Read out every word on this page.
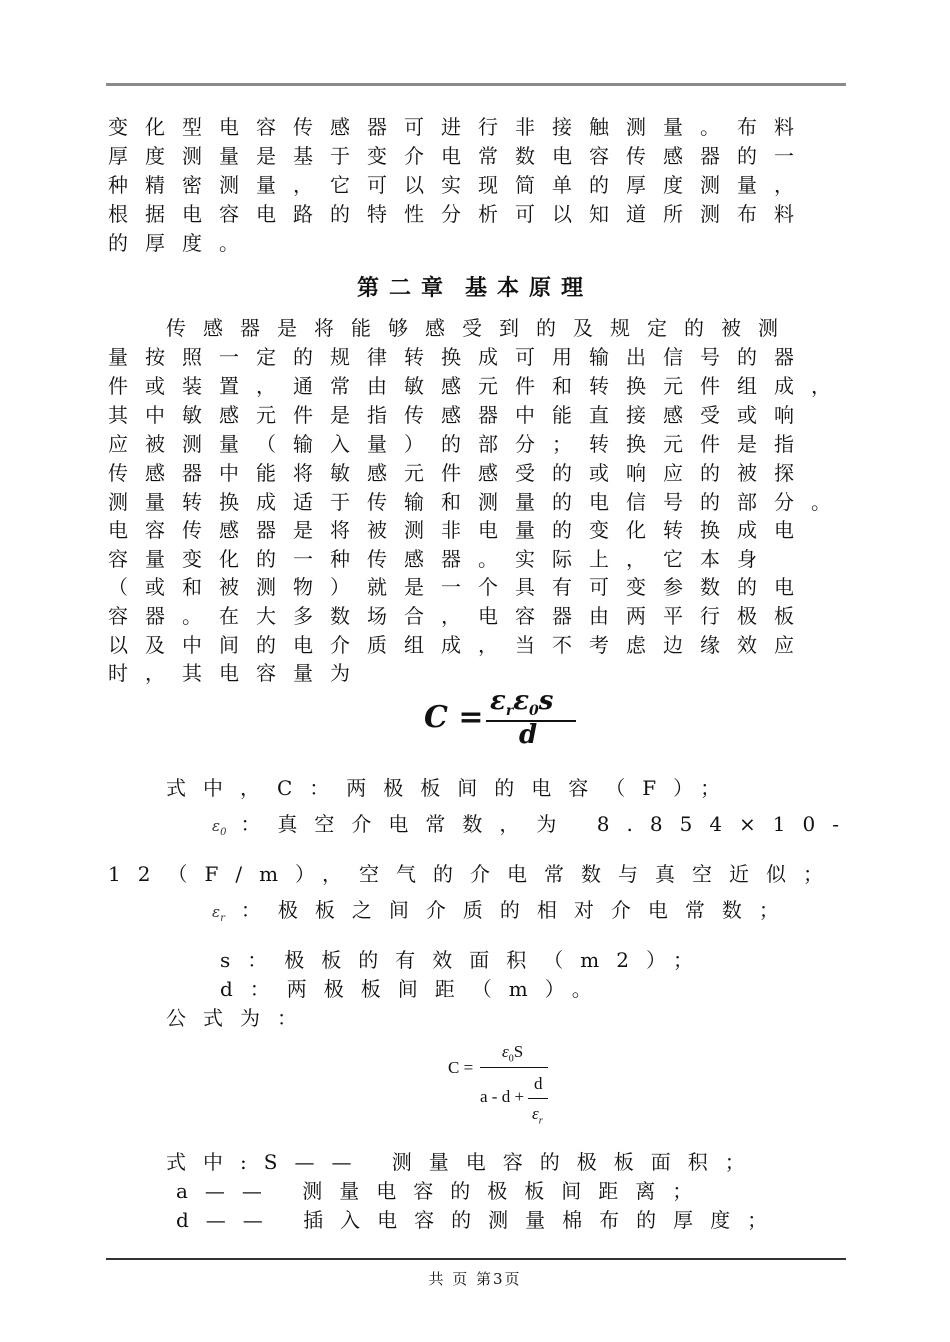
变化型电容传感器可进行非接触测量。布料
厚度测量是基于变介电常数电容传感器的一
种精密测量，它可以实现简单的厚度测量，
根据电容电路的特性分析可以知道所测布料
的厚度。
第二章 基本原理
传感器是将能够感受到的及规定的被测
量按照一定的规律转换成可用输出信号的器
件或装置，通常由敏感元件和转换元件组成，
其中敏感元件是指传感器中能直接感受或响
应被测量（输入量）的部分；转换元件是指
传感器中能将敏感元件感受的或响应的被探
测量转换成适于传输和测量的电信号的部分。
电容传感器是将被测非电量的变化转换成电
容量变化的一种传感器。实际上，它本身
（或和被测物）就是一个具有可变参数的电
容器。在大多数场合，电容器由两平行极板
以及中间的电介质组成，当不考虑边缘效应
时，其电容量为
$C = \varepsilon_r\varepsilon_0s$
d
式中，C：两极板间的电容（F）；
$\varepsilon_0$ ：真空介电常数，为 8.854×10-
12（F/m），空气的介电常数与真空近似；
$\varepsilon_r$ ：极板之间介质的相对介电常数；
s：极板的有效面积（m2）；
d：两极板间距（m）。
公式为：
C =
$\varepsilon_0S$
a - d +
d
$\varepsilon_r$
式中:S—— 测量电容的极板面积；
a—— 测量电容的极板间距离；
d—— 插入电容的测量棉布的厚度；
共 页 第3页
